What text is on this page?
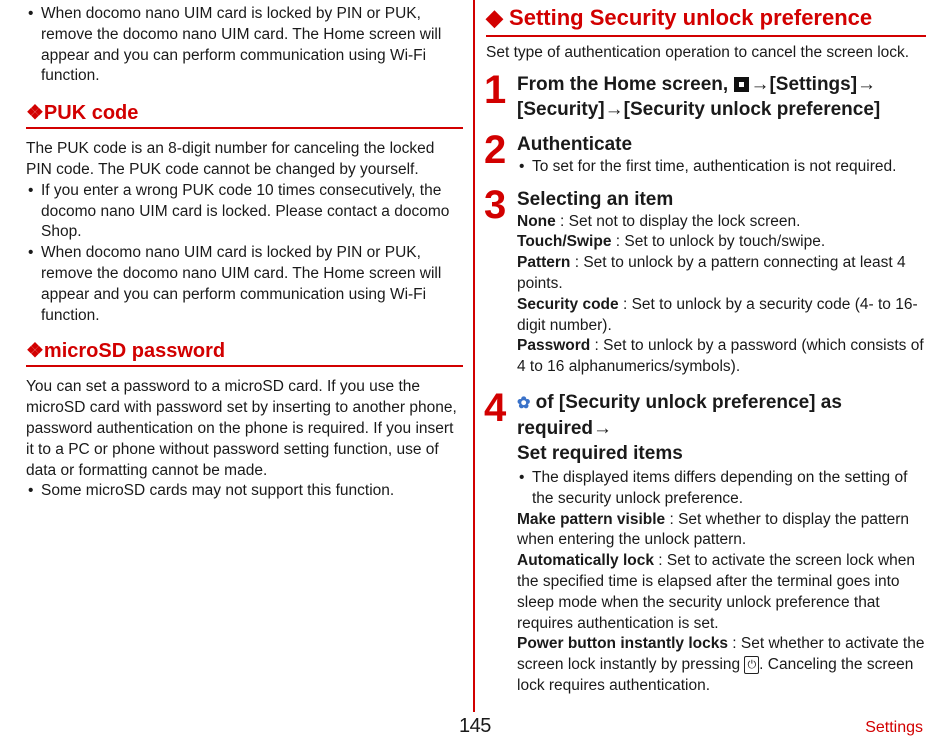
• When docomo nano UIM card is locked by PIN or PUK, remove the docomo nano UIM card. The Home screen will appear and you can perform communication using Wi-Fi function.
❖PUK code

The PUK code is an 8-digit number for canceling the locked PIN code. The PUK code cannot be changed by yourself.

• If you enter a wrong PUK code 10 times consecutively, the docomo nano UIM card is locked. Please contact a docomo Shop.
• When docomo nano UIM card is locked by PIN or PUK, remove the docomo nano UIM card. The Home screen will appear and you can perform communication using Wi-Fi function.
❖microSD password

You can set a password to a microSD card. If you use the microSD card with password set by inserting to another phone, password authentication on the phone is required. If you insert it to a PC or phone without password setting function, use of data or formatting cannot be made.

• Some microSD cards may not support this function.
◆ Setting Security unlock preference

Set type of authentication operation to cancel the screen lock.

1 From the Home screen, →[Settings]→
[Security]→[Security unlock preference]
2 Authenticate
• To set for the first time, authentication is not required.
3 Selecting an item

None : Set not to display the lock screen.

Touch/Swipe : Set to unlock by touch/swipe.

Pattern : Set to unlock by a pattern connecting at least 4 points.

Security code : Set to unlock by a security code (4- to 16-digit number).

Password : Set to unlock by a password (which consists of 4 to 16 alphanumerics/symbols).

4 ✿ of [Security unlock preference] as required→
Set required items
• The displayed items differs depending on the setting of the security unlock preference.

Make pattern visible : Set whether to display the pattern when entering the unlock pattern.

Automatically lock : Set to activate the screen lock when the specified time is elapsed after the terminal goes into sleep mode when the security unlock preference that requires authentication is set.

Power button instantly locks : Set whether to activate the screen lock instantly by pressing ⏻ . Canceling the screen lock requires authentication.

145	Settings
